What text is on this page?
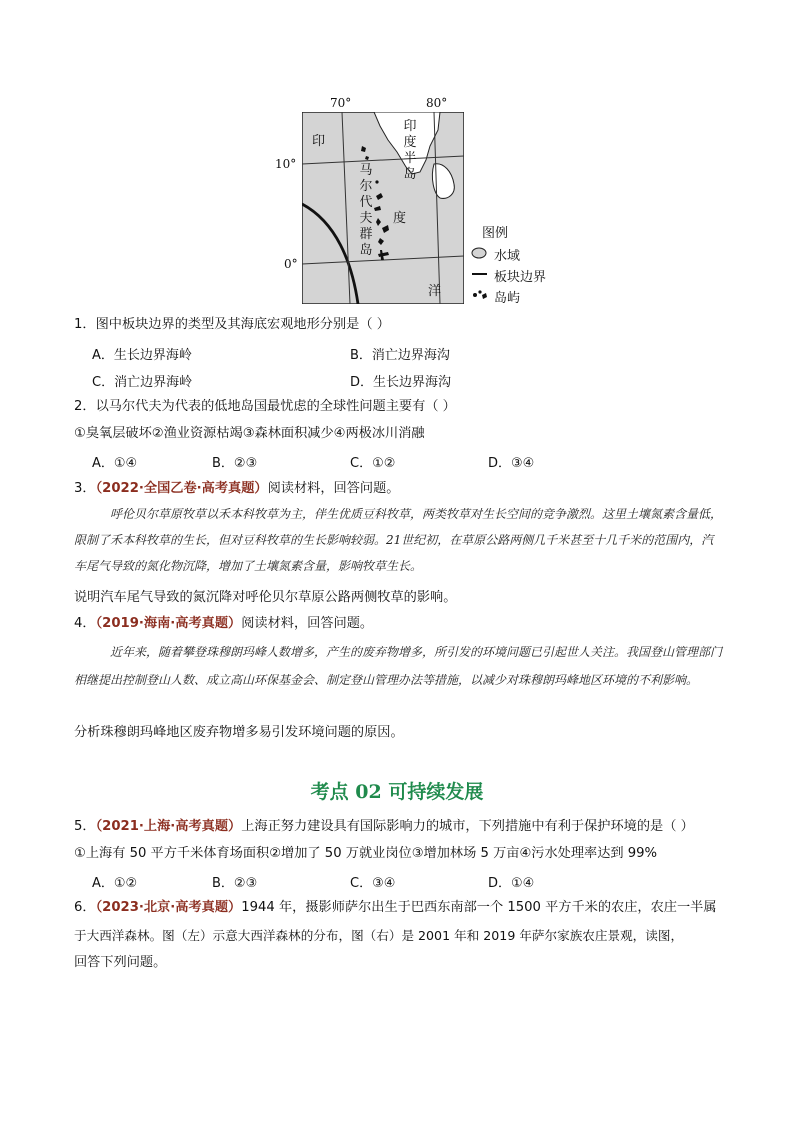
70°	80°
10°
0°
印
度
洋
印度半岛
马尔代夫群岛
图例
水域
板块边界
岛屿
1．图中板块边界的类型及其海底宏观地形分别是（ ）
A．生长边界海岭	B．消亡边界海沟
C．消亡边界海岭	D．生长边界海沟
2．以马尔代夫为代表的低地岛国最忧虑的全球性问题主要有（ ）
①臭氧层破坏②渔业资源枯竭③森林面积减少④两极冰川消融
A．①④	B．②③	C．①②	D．③④
3．（2022·全国乙卷·高考真题）阅读材料，回答问题。
呼伦贝尔草原牧草以禾本科牧草为主，伴生优质豆科牧草，两类牧草对生长空间的竞争激烈。这里土壤氮素含量低，限制了禾本科牧草的生长，但对豆科牧草的生长影响较弱。21世纪初，在草原公路两侧几千米甚至十几千米的范围内，汽车尾气导致的氮化物沉降，增加了土壤氮素含量，影响牧草生长。
说明汽车尾气导致的氮沉降对呼伦贝尔草原公路两侧牧草的影响。
4．（2019·海南·高考真题）阅读材料，回答问题。
近年来，随着攀登珠穆朗玛峰人数增多，产生的废弃物增多，所引发的环境问题已引起世人关注。我国登山管理部门相继提出控制登山人数、成立高山环保基金会、制定登山管理办法等措施，以减少对珠穆朗玛峰地区环境的不利影响。
分析珠穆朗玛峰地区废弃物增多易引发环境问题的原因。
考点 02 可持续发展
5．（2021·上海·高考真题）上海正努力建设具有国际影响力的城市，下列措施中有利于保护环境的是（ ）
①上海有 50 平方千米体育场面积②增加了 50 万就业岗位③增加林场 5 万亩④污水处理率达到 99%
A．①②	B．②③	C．③④	D．①④
6．（2023·北京·高考真题）1944 年，摄影师萨尔出生于巴西东南部一个 1500 平方千米的农庄，农庄一半属
于大西洋森林。图（左）示意大西洋森林的分布，图（右）是 2001 年和 2019 年萨尔家族农庄景观，读图，
回答下列问题。
